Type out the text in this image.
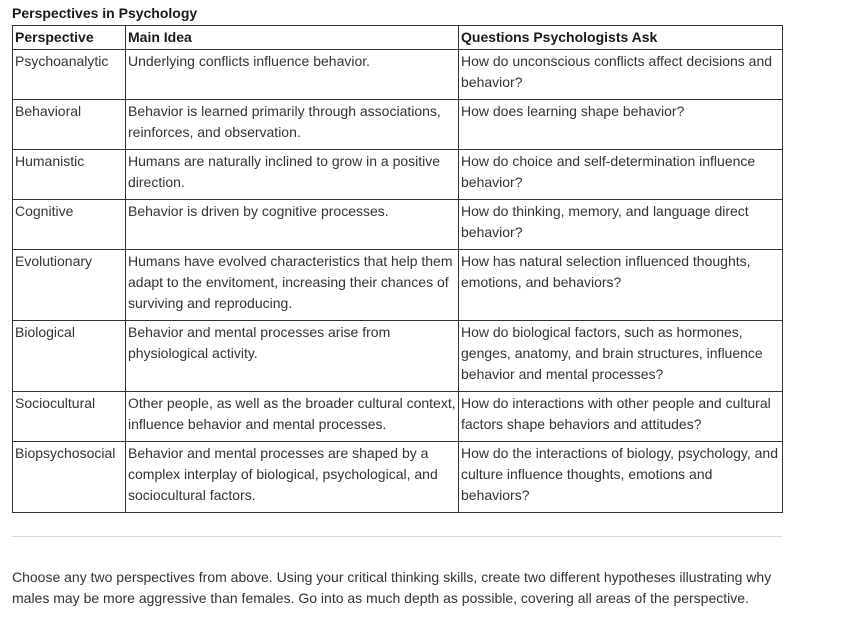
Perspectives in Psychology
Perspective	Main Idea	Questions Psychologists Ask
Psychoanalytic	Underlying conflicts influence behavior.	How do unconscious conflicts affect decisions and behavior?
Behavioral	Behavior is learned primarily through associations, reinforces, and observation.	How does learning shape behavior?
Humanistic	Humans are naturally inclined to grow in a positive direction.	How do choice and self-determination influence behavior?
Cognitive	Behavior is driven by cognitive processes.	How do thinking, memory, and language direct behavior?
Evolutionary	Humans have evolved characteristics that help them adapt to the envitoment, increasing their chances of surviving and reproducing.	How has natural selection influenced thoughts, emotions, and behaviors?
Biological	Behavior and mental processes arise from physiological activity.	How do biological factors, such as hormones, genges, anatomy, and brain structures, influence behavior and mental processes?
Sociocultural	Other people, as well as the broader cultural context, influence behavior and mental processes.	How do interactions with other people and cultural factors shape behaviors and attitudes?
Biopsychosocial	Behavior and mental processes are shaped by a complex interplay of biological, psychological, and sociocultural factors.	How do the interactions of biology, psychology, and culture influence thoughts, emotions and behaviors?
Choose any two perspectives from above. Using your critical thinking skills, create two different hypotheses illustrating why males may be more aggressive than females. Go into as much depth as possible, covering all areas of the perspective.
